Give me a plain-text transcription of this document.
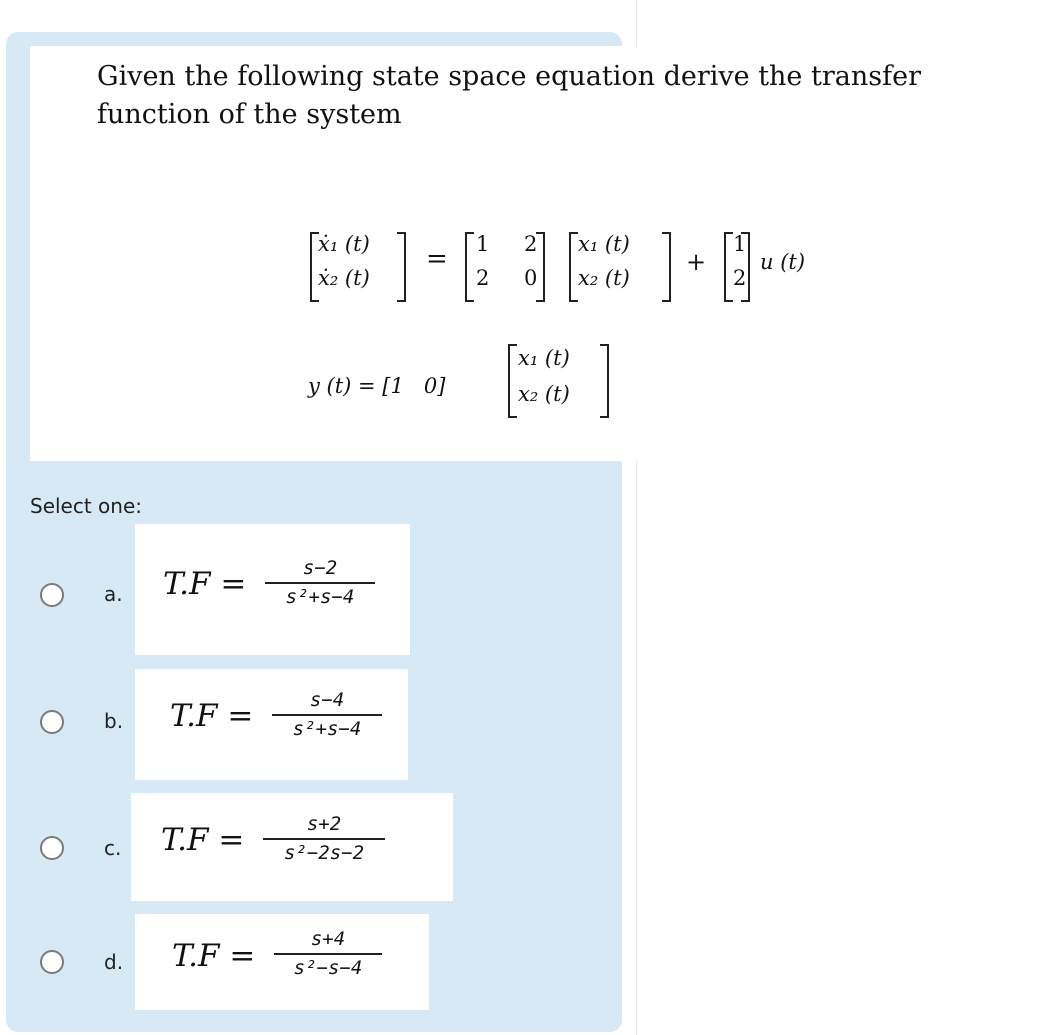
Given the following state space equation derive the transfer function of the system
ẋ₁ (t)
ẋ₂ (t)
= 1 2
2 0
x₁ (t)
x₂ (t)
+
1
2
u (t)
y (t) = [1   0]
x₁ (t)
x₂ (t)
Select one:
a. T.F =	s−2
s²+s−4
b. T.F =	s−4
s²+s−4
c. T.F =	s+2
s²−2s−2
d. T.F =	s+4
s²−s−4
